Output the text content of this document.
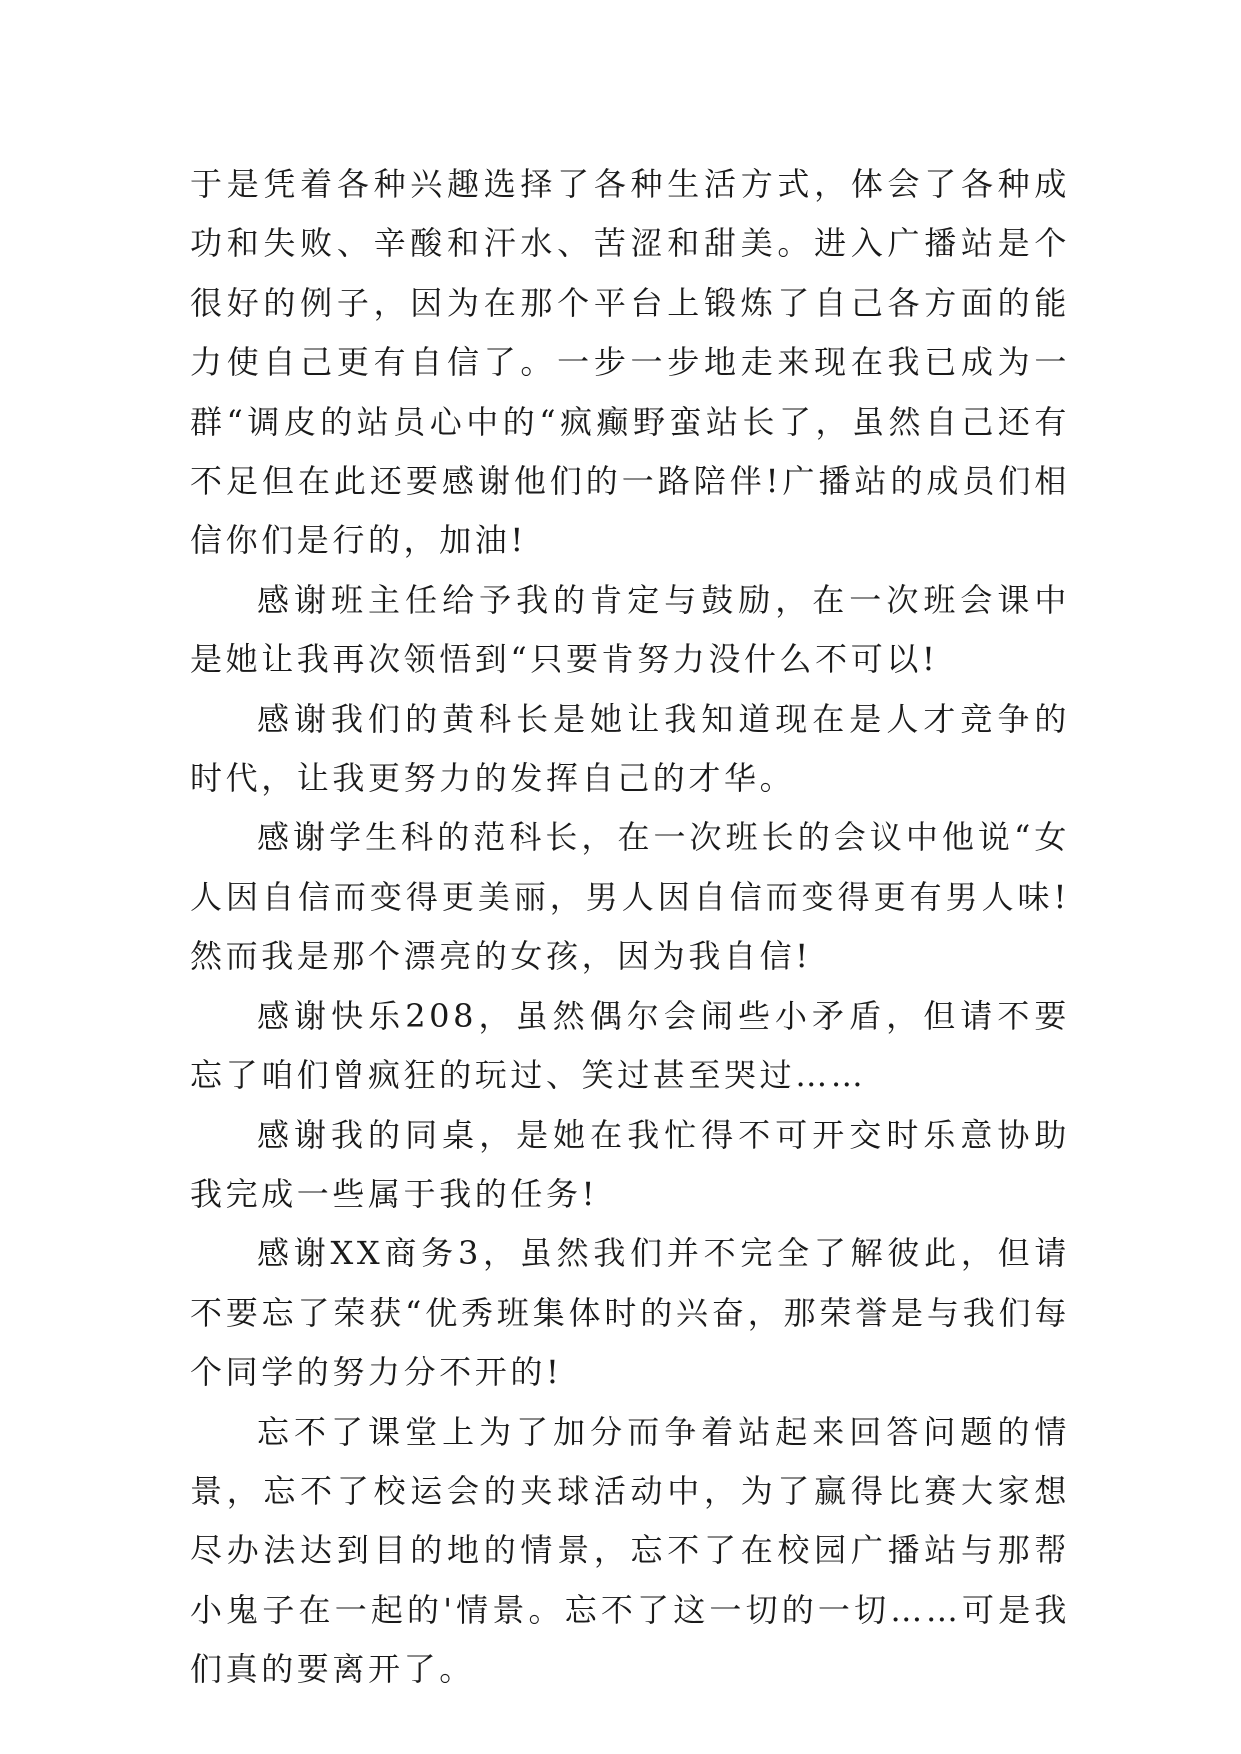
于是凭着各种兴趣选择了各种生活方式，体会了各种成功和失败、辛酸和汗水、苦涩和甜美。进入广播站是个很好的例子，因为在那个平台上锻炼了自己各方面的能力使自己更有自信了。一步一步地走来现在我已成为一群“调皮的站员心中的“疯癫野蛮站长了，虽然自己还有不足但在此还要感谢他们的一路陪伴!广播站的成员们相信你们是行的，加油!

感谢班主任给予我的肯定与鼓励，在一次班会课中是她让我再次领悟到“只要肯努力没什么不可以!

感谢我们的黄科长是她让我知道现在是人才竞争的时代，让我更努力的发挥自己的才华。

感谢学生科的范科长，在一次班长的会议中他说“女人因自信而变得更美丽，男人因自信而变得更有男人味!然而我是那个漂亮的女孩，因为我自信!

感谢快乐208，虽然偶尔会闹些小矛盾，但请不要忘了咱们曾疯狂的玩过、笑过甚至哭过……

感谢我的同桌，是她在我忙得不可开交时乐意协助我完成一些属于我的任务!

感谢XX商务3，虽然我们并不完全了解彼此，但请不要忘了荣获“优秀班集体时的兴奋，那荣誉是与我们每个同学的努力分不开的!

忘不了课堂上为了加分而争着站起来回答问题的情景，忘不了校运会的夹球活动中，为了赢得比赛大家想尽办法达到目的地的情景，忘不了在校园广播站与那帮小鬼子在一起的'情景。忘不了这一切的一切……可是我们真的要离开了。
